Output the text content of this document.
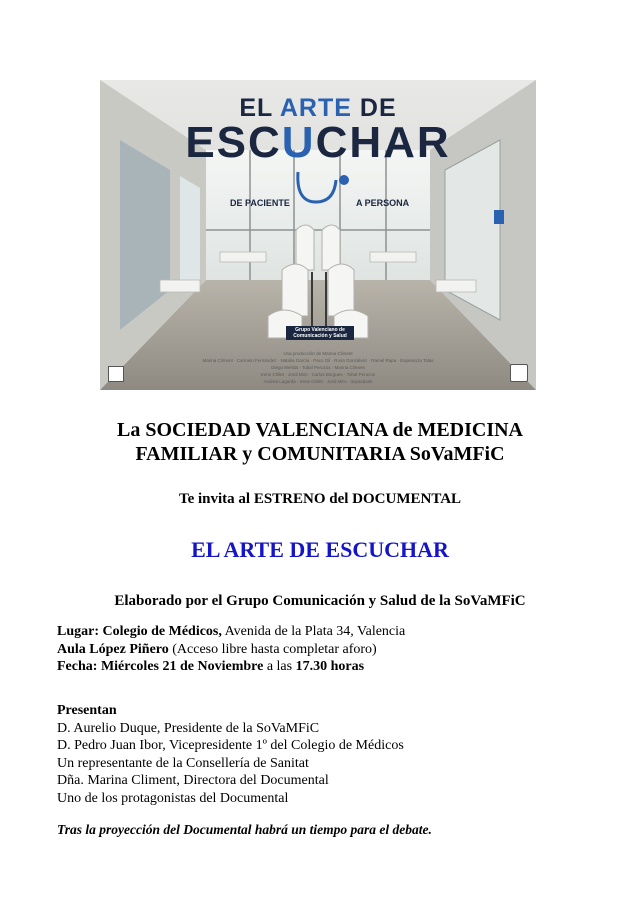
EL ARTE DE
ESCUCHAR
DE PACIENTE	A PERSONA
Grupo Valenciano de Comunicación y Salud
Una producción de Marina Climent
Marina Climent · Carmelo Fernández · Natalia García · Paco Gil · Rosa Gonzálvez · Ramel Rapa · Esperanza Talas
Diego Mérida · Tobal Peruzos · Marina Climent
Irene Chilet · Jordi Miro · Carlos Borgues · Tobal Peruzos
Andrea Lagarda · Irene Chilet · Jordi Miro · Impacbank
La SOCIEDAD VALENCIANA de MEDICINA
FAMILIAR y COMUNITARIA SoVaMFiC
Te invita al ESTRENO del DOCUMENTAL
EL ARTE DE ESCUCHAR
Elaborado por el Grupo Comunicación y Salud de la SoVaMFiC
Lugar: Colegio de Médicos, Avenida de la Plata 34, Valencia
Aula López Piñero (Acceso libre hasta completar aforo)
Fecha: Miércoles 21 de Noviembre a las 17.30 horas
Presentan
D. Aurelio Duque, Presidente de la SoVaMFiC
D. Pedro Juan Ibor, Vicepresidente 1º del Colegio de Médicos
Un representante de la Consellería de Sanitat
Dña. Marina Climent, Directora del Documental
Uno de los protagonistas del Documental
Tras la proyección del Documental habrá un tiempo para el debate.
